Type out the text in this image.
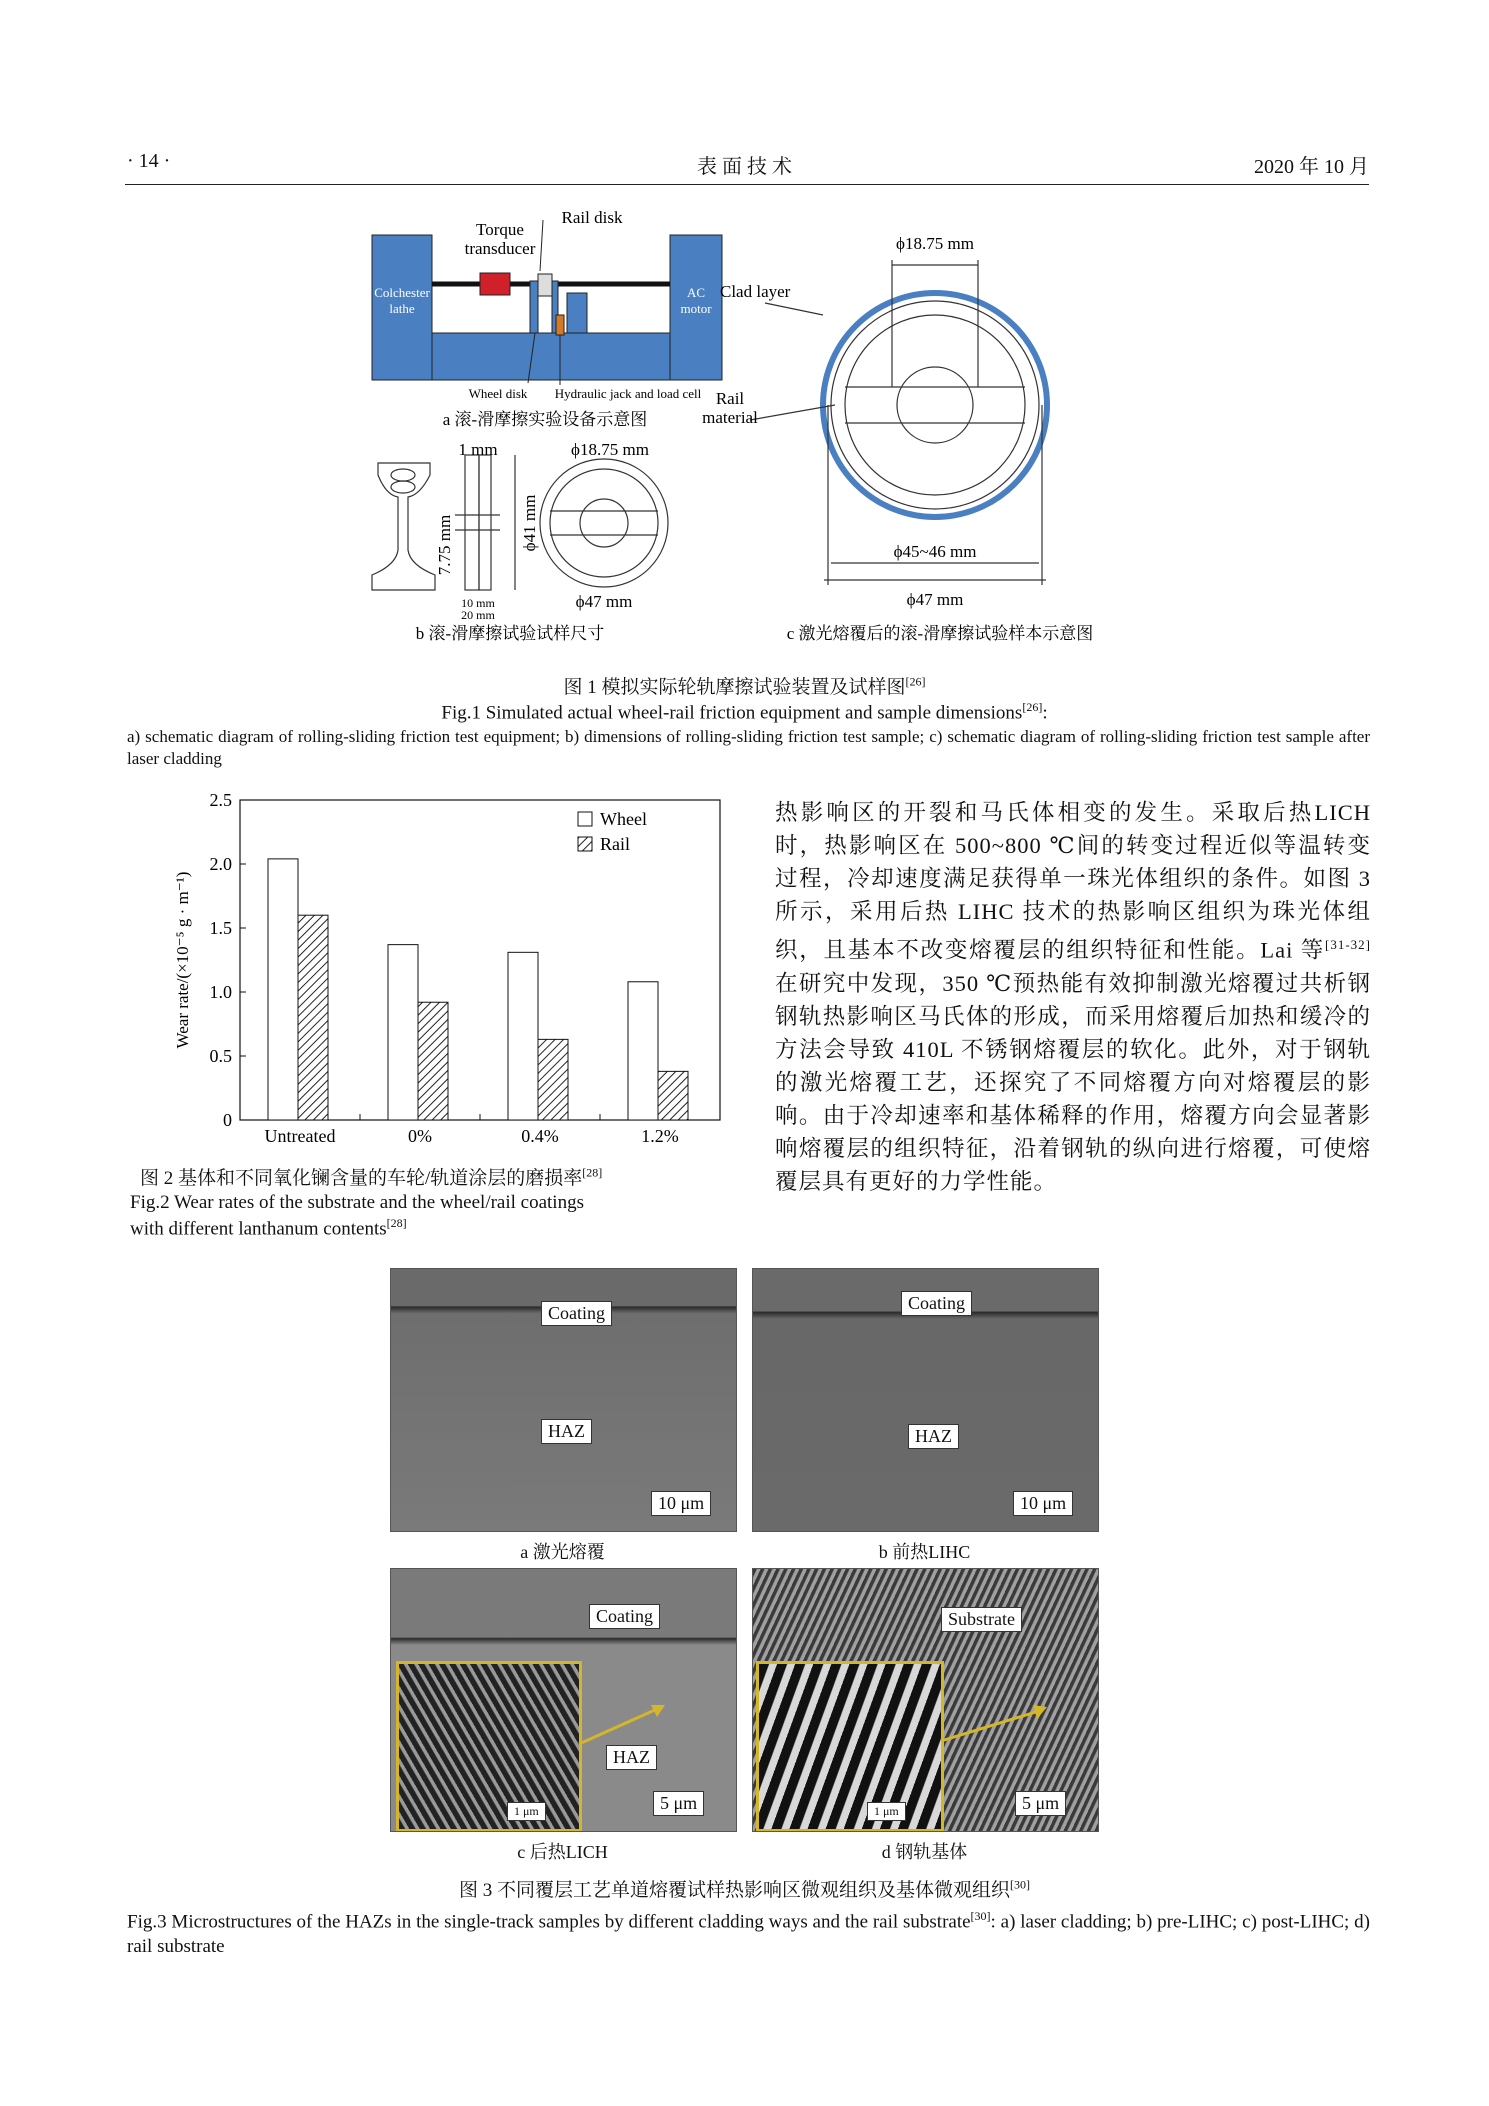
· 14 ·	表 面 技 术	2020 年 10 月
Torque
transducer
Rail disk
Colchester
lathe
AC
motor
Wheel disk Hydraulic jack and load cell
a 滚-滑摩擦实验设备示意图
1 mm	ϕ18.75 mm
7.75 mm	ϕ41 mm
10 mm
20 mm
ϕ47 mm
b 滚-滑摩擦试验试样尺寸
ϕ18.75 mm
Clad layer
Rail
material
ϕ45~46 mm
ϕ47 mm
c 激光熔覆后的滚-滑摩擦试验样本示意图
图 1 模拟实际轮轨摩擦试验装置及试样图[26]
Fig.1 Simulated actual wheel-rail friction equipment and sample dimensions[26]:
a) schematic diagram of rolling-sliding friction test equipment; b) dimensions of rolling-sliding friction test sample; c) schematic diagram of rolling-sliding friction test sample after laser cladding
0
0.5
1.0
1.5
2.0
2.5
Untreated	0%	0.4%	1.2%
Wear rate/(×10⁻⁵ g · m⁻¹)
Wheel
Rail
图 2 基体和不同氧化镧含量的车轮/轨道涂层的磨损率[28]
Fig.2 Wear rates of the substrate and the wheel/rail coatings
with different lanthanum contents[28]
热影响区的开裂和马氏体相变的发生。采取后热LICH 时，热影响区在 500~800 ℃间的转变过程近似等温转变过程，冷却速度满足获得单一珠光体组织的条件。如图 3 所示，采用后热 LIHC 技术的热影响区组织为珠光体组织，且基本不改变熔覆层的组织特征和性能。Lai 等[31-32]在研究中发现，350 ℃预热能有效抑制激光熔覆过共析钢钢轨热影响区马氏体的形成，而采用熔覆后加热和缓冷的方法会导致 410L 不锈钢熔覆层的软化。此外，对于钢轨的激光熔覆工艺，还探究了不同熔覆方向对熔覆层的影响。由于冷却速率和基体稀释的作用，熔覆方向会显著影响熔覆层的组织特征，沿着钢轨的纵向进行熔覆，可使熔覆层具有更好的力学性能。
Coating
HAZ
10 μm
a 激光熔覆
Coating
HAZ
10 μm
b 前热LIHC
Coating
1 μm
HAZ
5 μm
c 后热LICH
Substrate
1 μm	5 μm
d 钢轨基体
图 3 不同覆层工艺单道熔覆试样热影响区微观组织及基体微观组织[30]
Fig.3 Microstructures of the HAZs in the single-track samples by different cladding ways and the rail substrate[30]: a) laser cladding; b) pre-LIHC; c) post-LIHC; d) rail substrate
